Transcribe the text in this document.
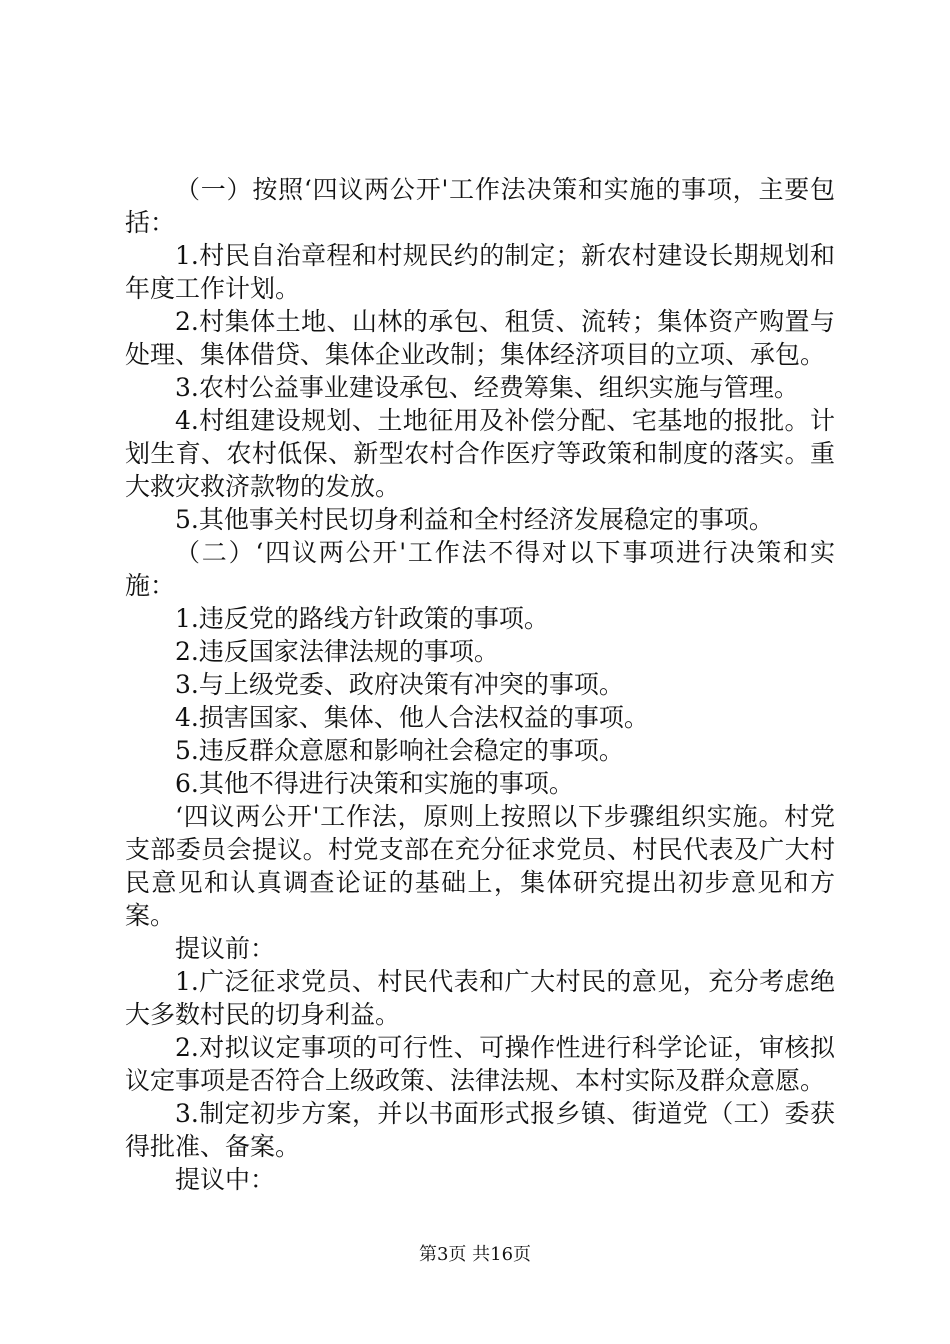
（一）按照‘四议两公开'工作法决策和实施的事项，主要包括：

1.村民自治章程和村规民约的制定；新农村建设长期规划和年度工作计划。

2.村集体土地、山林的承包、租赁、流转；集体资产购置与处理、集体借贷、集体企业改制；集体经济项目的立项、承包。

3.农村公益事业建设承包、经费筹集、组织实施与管理。

4.村组建设规划、土地征用及补偿分配、宅基地的报批。计划生育、农村低保、新型农村合作医疗等政策和制度的落实。重大救灾救济款物的发放。

5.其他事关村民切身利益和全村经济发展稳定的事项。

（二）‘四议两公开'工作法不得对以下事项进行决策和实施：

1.违反党的路线方针政策的事项。

2.违反国家法律法规的事项。

3.与上级党委、政府决策有冲突的事项。

4.损害国家、集体、他人合法权益的事项。

5.违反群众意愿和影响社会稳定的事项。

6.其他不得进行决策和实施的事项。

‘四议两公开'工作法，原则上按照以下步骤组织实施。村党支部委员会提议。村党支部在充分征求党员、村民代表及广大村民意见和认真调查论证的基础上，集体研究提出初步意见和方案。

提议前：

1.广泛征求党员、村民代表和广大村民的意见，充分考虑绝大多数村民的切身利益。

2.对拟议定事项的可行性、可操作性进行科学论证，审核拟议定事项是否符合上级政策、法律法规、本村实际及群众意愿。

3.制定初步方案，并以书面形式报乡镇、街道党（工）委获得批准、备案。

提议中：

第3页 共16页
